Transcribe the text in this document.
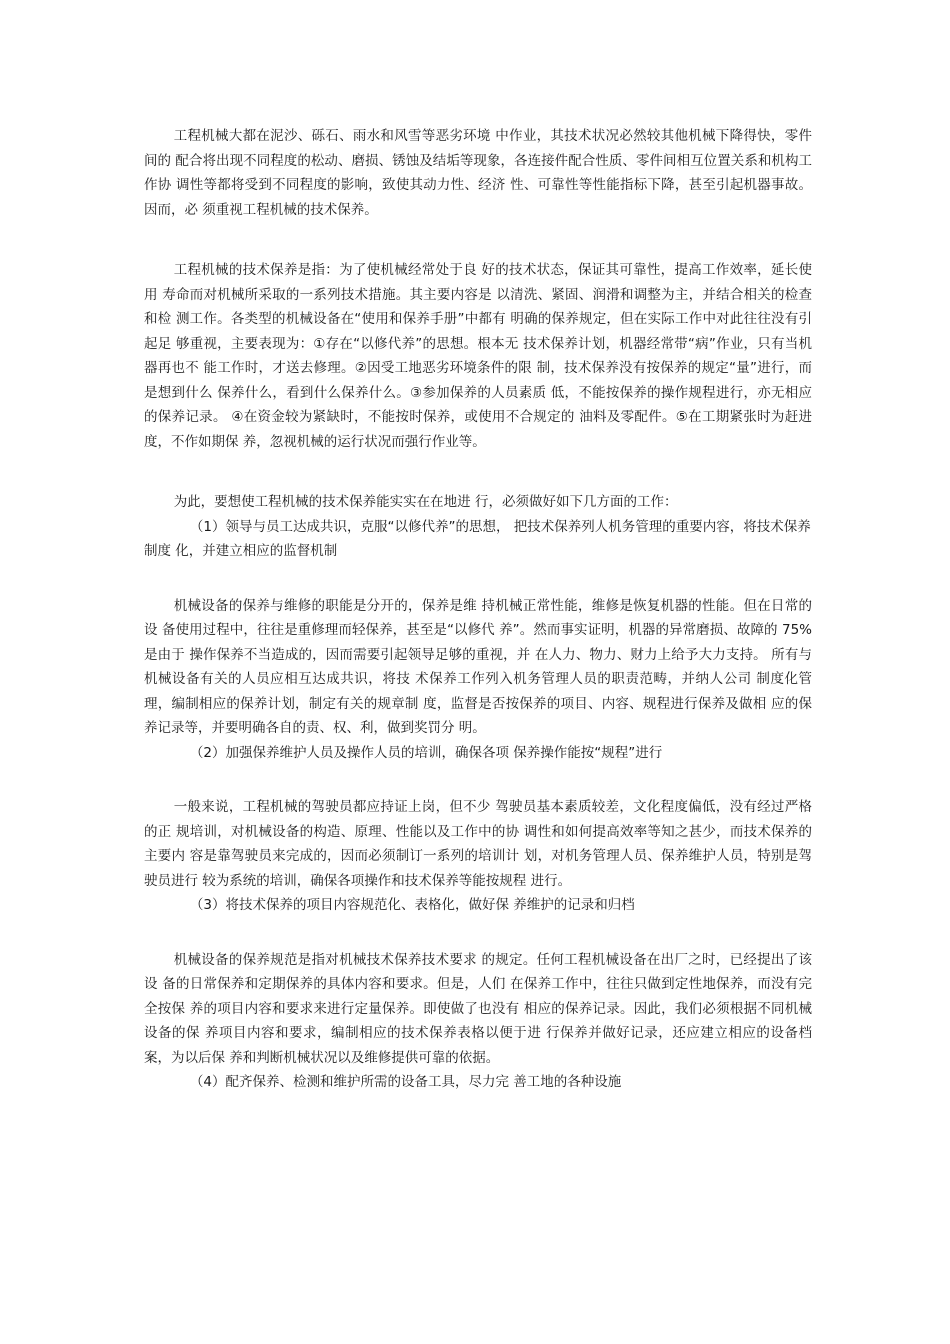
工程机械大都在泥沙、砾石、雨水和风雪等恶劣环境 中作业，其技术状况必然较其他机械下降得快，零件间的 配合将出现不同程度的松动、磨损、锈蚀及结垢等现象，各连接件配合性质、零件间相互位置关系和机构工作协 调性等都将受到不同程度的影响，致使其动力性、经济 性、可靠性等性能指标下降，甚至引起机器事故。因而，必 须重视工程机械的技术保养。

工程机械的技术保养是指：为了使机械经常处于良 好的技术状态，保证其可靠性，提高工作效率，延长使用 寿命而对机械所采取的一系列技术措施。其主要内容是 以清洗、紧固、润滑和调整为主，并结合相关的检查和检 测工作。各类型的机械设备在“使用和保养手册”中都有 明确的保养规定，但在实际工作中对此往往没有引起足 够重视，主要表现为：①存在“以修代养”的思想。根本无 技术保养计划，机器经常带“病”作业，只有当机器再也不 能工作时，才送去修理。②因受工地恶劣环境条件的限 制，技术保养没有按保养的规定“量”进行，而是想到什么 保养什么，看到什么保养什么。③参加保养的人员素质 低，不能按保养的操作规程进行，亦无相应的保养记录。 ④在资金较为紧缺时，不能按时保养，或使用不合规定的 油料及零配件。⑤在工期紧张时为赶进度，不作如期保 养，忽视机械的运行状况而强行作业等。

为此，要想使工程机械的技术保养能实实在在地进 行，必须做好如下几方面的工作：

（1）领导与员工达成共识，克服“以修代养”的思想， 把技术保养列人机务管理的重要内容，将技术保养制度 化，并建立相应的监督机制

机械设备的保养与维修的职能是分开的，保养是维 持机械正常性能，维修是恢复机器的性能。但在日常的设 备使用过程中，往往是重修理而轻保养，甚至是“以修代 养”。然而事实证明，机器的异常磨损、故障的 75%是由于 操作保养不当造成的，因而需要引起领导足够的重视，并 在人力、物力、财力上给予大力支持。 所有与机械设备有关的人员应相互达成共识，将技 术保养工作列入机务管理人员的职责范畴，并纳人公司 制度化管理，编制相应的保养计划，制定有关的规章制 度，监督是否按保养的项目、内容、规程进行保养及做相 应的保养记录等，并要明确各自的责、权、利，做到奖罚分 明。

（2）加强保养维护人员及操作人员的培训，确保各项 保养操作能按“规程”进行

一般来说，工程机械的驾驶员都应持证上岗，但不少 驾驶员基本素质较差，文化程度偏低，没有经过严格的正 规培训，对机械设备的构造、原理、性能以及工作中的协 调性和如何提高效率等知之甚少，而技术保养的主要内 容是靠驾驶员来完成的，因而必须制订一系列的培训计 划，对机务管理人员、保养维护人员，特别是驾驶员进行 较为系统的培训，确保各项操作和技术保养等能按规程 进行。

（3）将技术保养的项目内容规范化、表格化，做好保 养维护的记录和归档

机械设备的保养规范是指对机械技术保养技术要求 的规定。任何工程机械设备在出厂之时，已经提出了该设 备的日常保养和定期保养的具体内容和要求。但是，人们 在保养工作中，往往只做到定性地保养，而没有完全按保 养的项目内容和要求来进行定量保养。即使做了也没有 相应的保养记录。因此，我们必须根据不同机械设备的保 养项目内容和要求，编制相应的技术保养表格以便于进 行保养并做好记录，还应建立相应的设备档案，为以后保 养和判断机械状况以及维修提供可靠的依据。

（4）配齐保养、检测和维护所需的设备工具，尽力完 善工地的各种设施
